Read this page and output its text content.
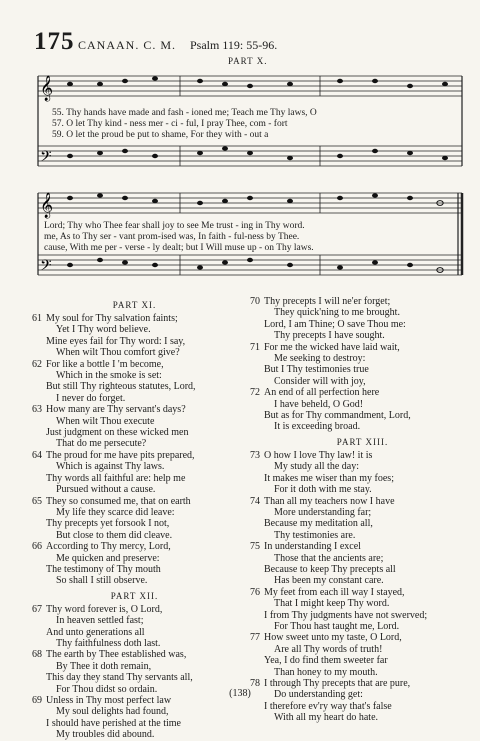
175 CANAAN. C. M. Psalm 119: 55-96.
PART X.
𝄞
𝄢
55. Thy hands have made and fash - ioned me; Teach me Thy laws, O
57. O let Thy kind - ness mer - ci - ful, I pray Thee, com - fort
59. O let the proud be put to shame, For they with - out a
𝄞
𝄢
Lord; Thy who Thee fear shall joy to see Me trust - ing in Thy word.
me, As to Thy ser - vant prom-ised was, In faith - ful-ness by Thee.
cause, With me per - verse - ly dealt; but I Will muse up - on Thy laws.
PART XI.
61 My soul for Thy salvation faints;
Yet I Thy word believe.
Mine eyes fail for Thy word: I say,
When wilt Thou comfort give?
62 For like a bottle I 'm become,
Which in the smoke is set:
But still Thy righteous statutes, Lord,
I never do forget.
63 How many are Thy servant's days?
When wilt Thou execute
Just judgment on these wicked men
That do me persecute?
64 The proud for me have pits prepared,
Which is against Thy laws.
Thy words all faithful are: help me
Pursued without a cause.
65 They so consumed me, that on earth
My life they scarce did leave:
Thy precepts yet forsook I not,
But close to them did cleave.
66 According to Thy mercy, Lord,
Me quicken and preserve:
The testimony of Thy mouth
So shall I still observe.
PART XII.
67 Thy word forever is, O Lord,
In heaven settled fast;
And unto generations all
Thy faithfulness doth last.
68 The earth by Thee established was,
By Thee it doth remain,
This day they stand Thy servants all,
For Thou didst so ordain.
69 Unless in Thy most perfect law
My soul delights had found,
I should have perished at the time
My troubles did abound.
70 Thy precepts I will ne'er forget;
They quick'ning to me brought.
Lord, I am Thine; O save Thou me:
Thy precepts I have sought.
71 For me the wicked have laid wait,
Me seeking to destroy:
But I Thy testimonies true
Consider will with joy,
72 An end of all perfection here
I have beheld, O God!
But as for Thy commandment, Lord,
It is exceeding broad.
PART XIII.
73 O how I love Thy law! it is
My study all the day:
It makes me wiser than my foes;
For it doth with me stay.
74 Than all my teachers now I have
More understanding far;
Because my meditation all,
Thy testimonies are.
75 In understanding I excel
Those that the ancients are;
Because to keep Thy precepts all
Has been my constant care.
76 My feet from each ill way I stayed,
That I might keep Thy word.
I from Thy judgments have not swerved;
For Thou hast taught me, Lord.
77 How sweet unto my taste, O Lord,
Are all Thy words of truth!
Yea, I do find them sweeter far
Than honey to my mouth.
78 I through Thy precepts that are pure,
Do understanding get:
I therefore ev'ry way that's false
With all my heart do hate.
(138)
